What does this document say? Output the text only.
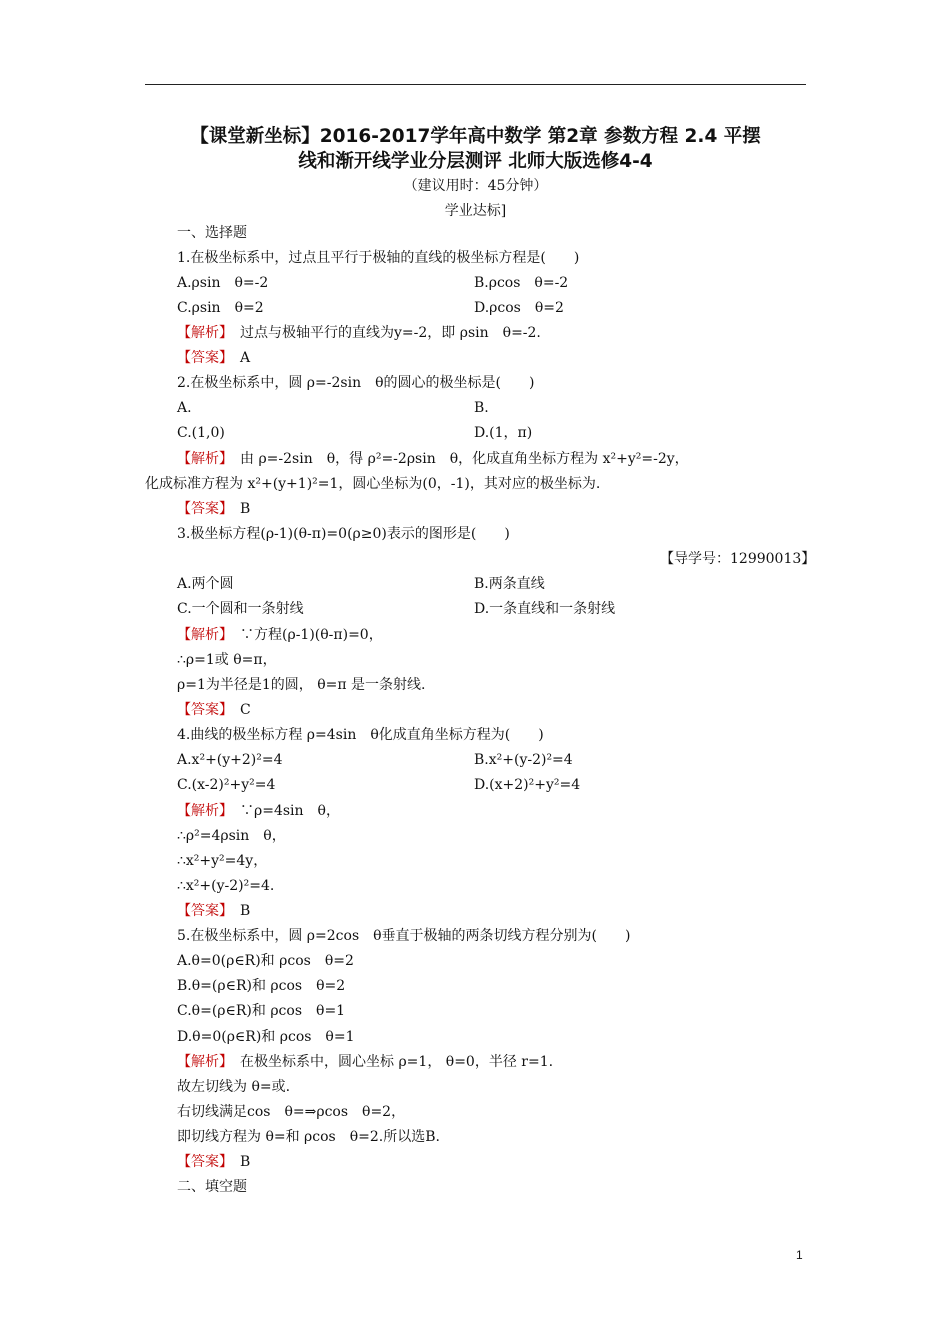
【课堂新坐标】2016-2017学年高中数学 第2章 参数方程 2.4 平摆
线和渐开线学业分层测评 北师大版选修4-4
（建议用时：45分钟）
学业达标]
一、选择题
1.在极坐标系中，过点且平行于极轴的直线的极坐标方程是(　　)
A.ρsin　θ=-2	B.ρcos　θ=-2
C.ρsin　θ=2	D.ρcos　θ=2
【解析】　过点与极轴平行的直线为y=-2，即 ρsin　θ=-2.
【答案】　A
2.在极坐标系中，圆 ρ=-2sin　θ的圆心的极坐标是(　　)
A.	B.
C.(1,0)	D.(1，π)
【解析】　由 ρ=-2sin　θ，得 ρ²=-2ρsin　θ，化成直角坐标方程为 x²+y²=-2y，
化成标准方程为 x²+(y+1)²=1，圆心坐标为(0，-1)，其对应的极坐标为.
【答案】　B
3.极坐标方程(ρ-1)(θ-π)=0(ρ≥0)表示的图形是(　　)
【导学号：12990013】
A.两个圆	B.两条直线
C.一个圆和一条射线	D.一条直线和一条射线
【解析】　∵方程(ρ-1)(θ-π)=0，
∴ρ=1或 θ=π，
ρ=1为半径是1的圆， θ=π 是一条射线.
【答案】　C
4.曲线的极坐标方程 ρ=4sin　θ化成直角坐标方程为(　　)
A.x²+(y+2)²=4	B.x²+(y-2)²=4
C.(x-2)²+y²=4	D.(x+2)²+y²=4
【解析】　∵ρ=4sin　θ，
∴ρ²=4ρsin　θ，
∴x²+y²=4y，
∴x²+(y-2)²=4.
【答案】　B
5.在极坐标系中，圆 ρ=2cos　θ垂直于极轴的两条切线方程分别为(　　)
A.θ=0(ρ∈R)和 ρcos　θ=2
B.θ=(ρ∈R)和 ρcos　θ=2
C.θ=(ρ∈R)和 ρcos　θ=1
D.θ=0(ρ∈R)和 ρcos　θ=1
【解析】　在极坐标系中，圆心坐标 ρ=1， θ=0，半径 r=1.
故左切线为 θ=或.
右切线满足cos　θ=⇒ρcos　θ=2，
即切线方程为 θ=和 ρcos　θ=2.所以选B.
【答案】　B
二、填空题
1
